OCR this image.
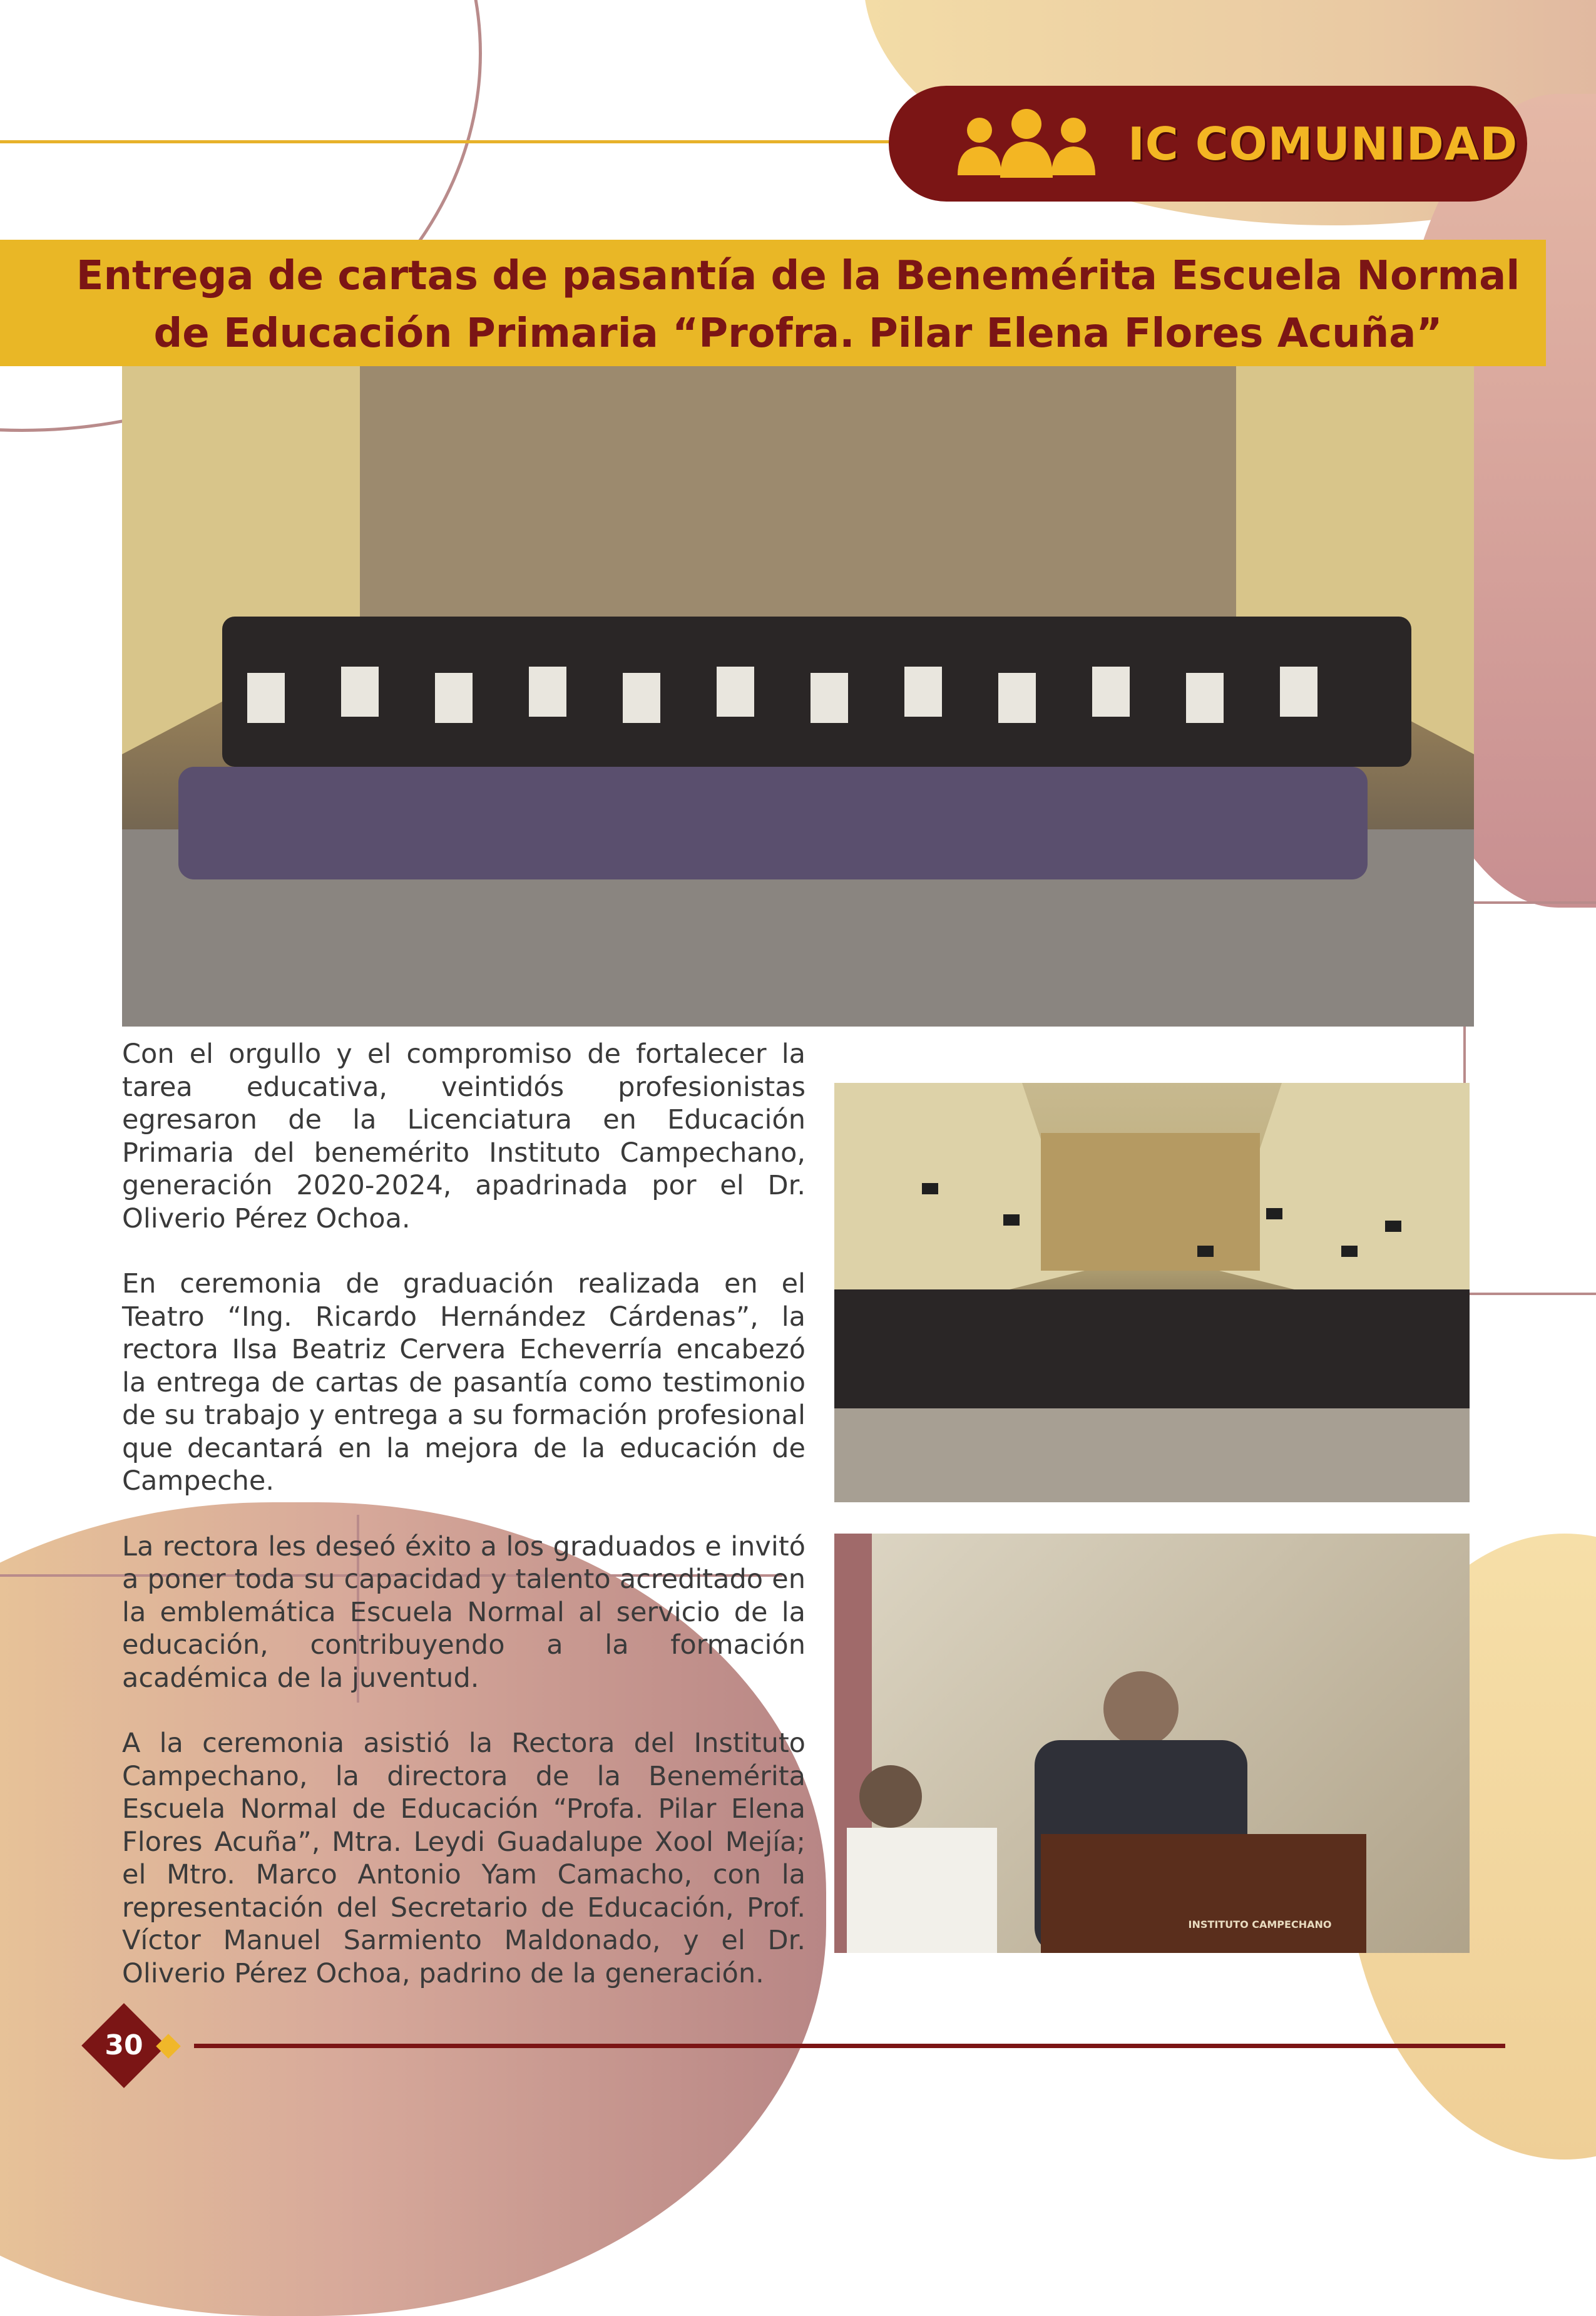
IC COMUNIDAD
Entrega de cartas de pasantía de la Benemérita Escuela Normal
de Educación Primaria “Profra. Pilar Elena Flores Acuña”

Con el orgullo y el compromiso de fortalecer la tarea educativa, veintidós profesionistas egresaron de la Licenciatura en Educación Primaria del benemérito Instituto Campechano, generación 2020-2024, apadrinada por el Dr. Oliverio Pérez Ochoa.

En ceremonia de graduación realizada en el Teatro “Ing. Ricardo Hernández Cárdenas”, la rectora Ilsa Beatriz Cervera Echeverría encabezó la entrega de cartas de pasantía como testimonio de su trabajo y entrega a su formación profesional que decantará en la mejora de la educación de Campeche.

La rectora les deseó éxito a los graduados e invitó a poner toda su capacidad y talento acreditado en la emblemática Escuela Normal al servicio de la educación, contribuyendo a la formación académica de la juventud.

A la ceremonia asistió la Rectora del Instituto Campechano, la directora de la Benemérita Escuela Normal de Educación “Profa. Pilar Elena Flores Acuña”, Mtra. Leydi Guadalupe Xool Mejía; el Mtro. Marco Antonio Yam Camacho, con la representación del Secretario de Educación, Prof. Víctor Manuel Sarmiento Maldonado, y el Dr. Oliverio Pérez Ochoa, padrino de la generación.

INSTITUTO CAMPECHANO
30
